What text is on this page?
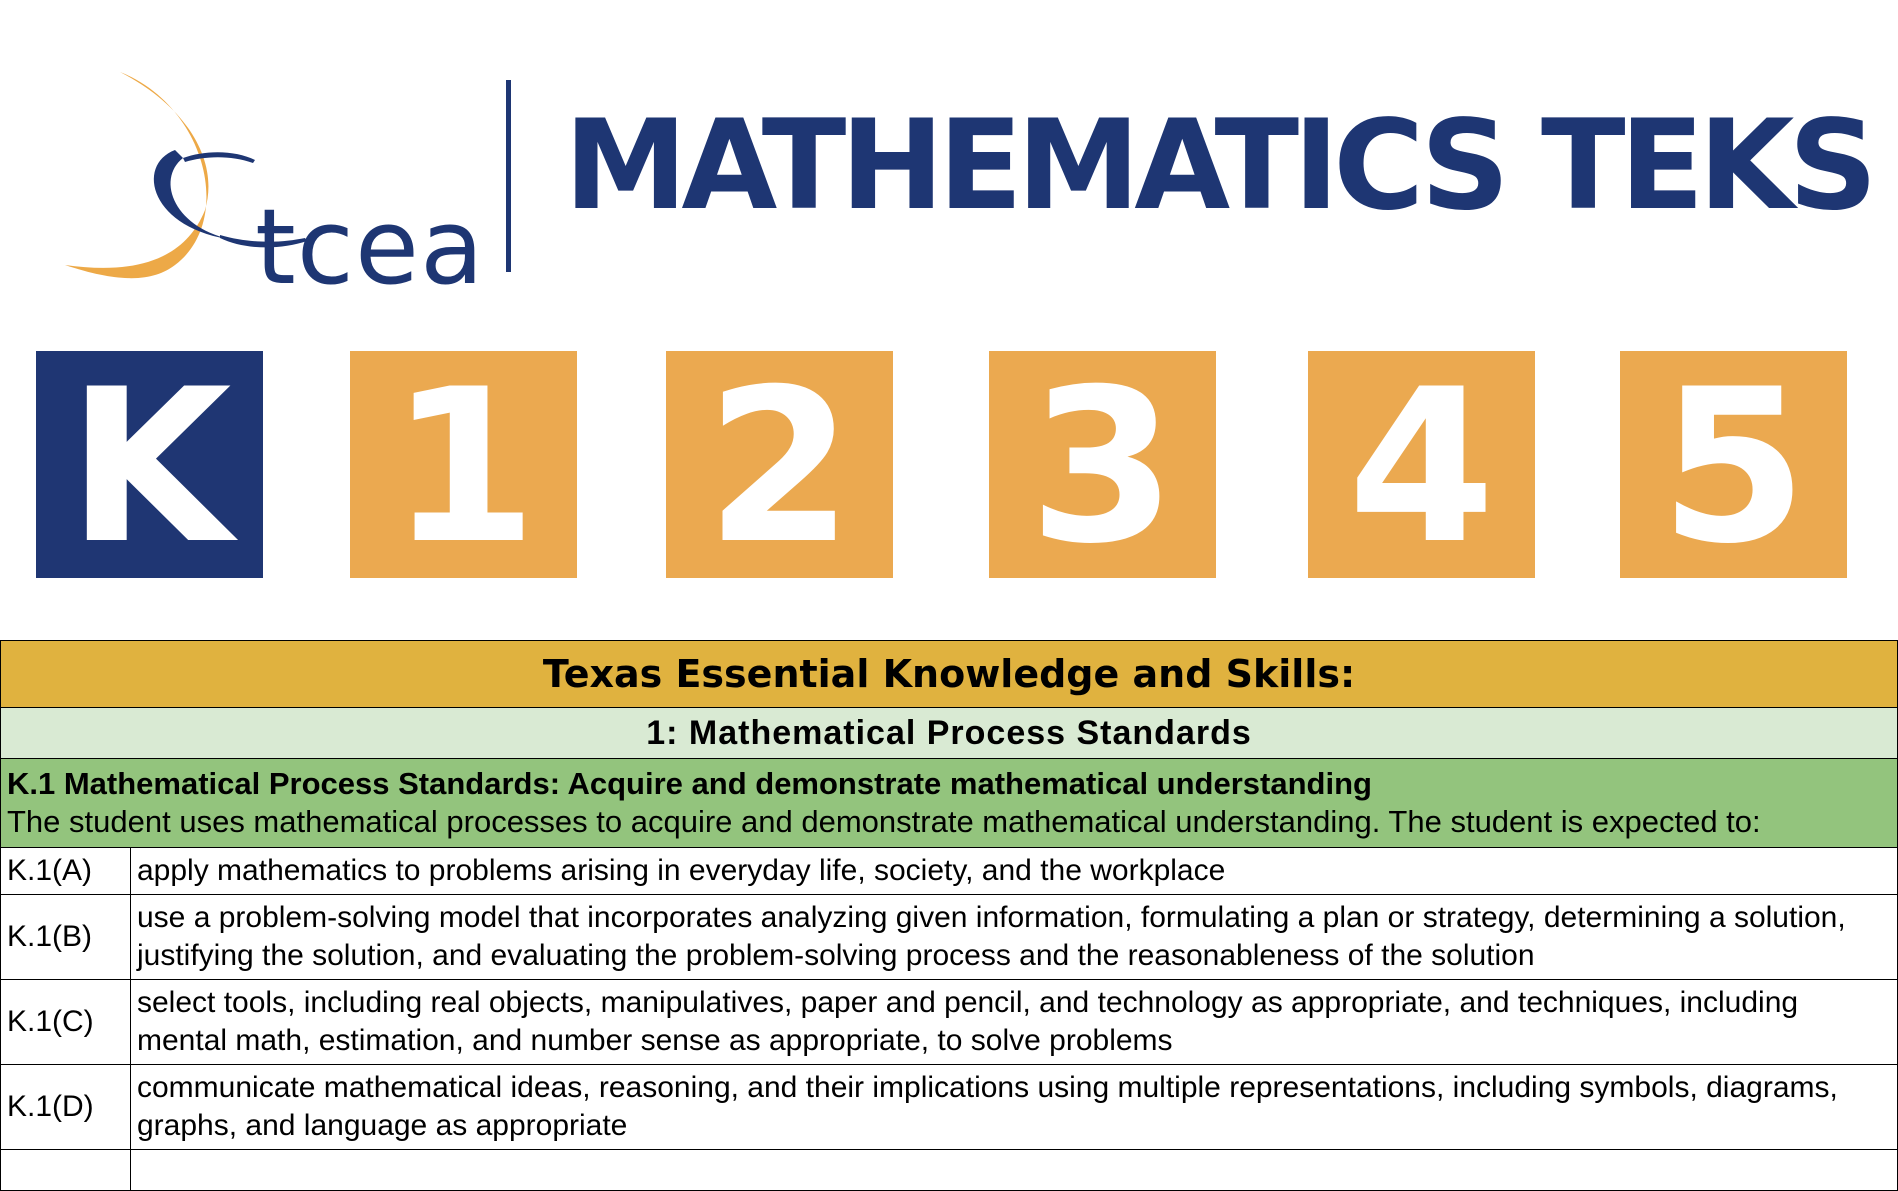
tcea
MATHEMATICS TEKS
K 1 2 3 4 5
Texas Essential Knowledge and Skills:	
1: Mathematical Process Standards	

K.1 Mathematical Process Standards: Acquire and demonstrate mathematical understanding
The student uses mathematical processes to acquire and demonstrate mathematical understanding. The student is expected to:	

K.1(A)	apply mathematics to problems arising in everyday life, society, and the workplace
K.1(B)	use a problem-solving model that incorporates analyzing given information, formulating a plan or strategy, determining a solution, justifying the solution, and evaluating the problem-solving process and the reasonableness of the solution
K.1(C)	select tools, including real objects, manipulatives, paper and pencil, and technology as appropriate, and techniques, including mental math, estimation, and number sense as appropriate, to solve problems
K.1(D)	communicate mathematical ideas, reasoning, and their implications using multiple representations, including symbols, diagrams, graphs, and language as appropriate
